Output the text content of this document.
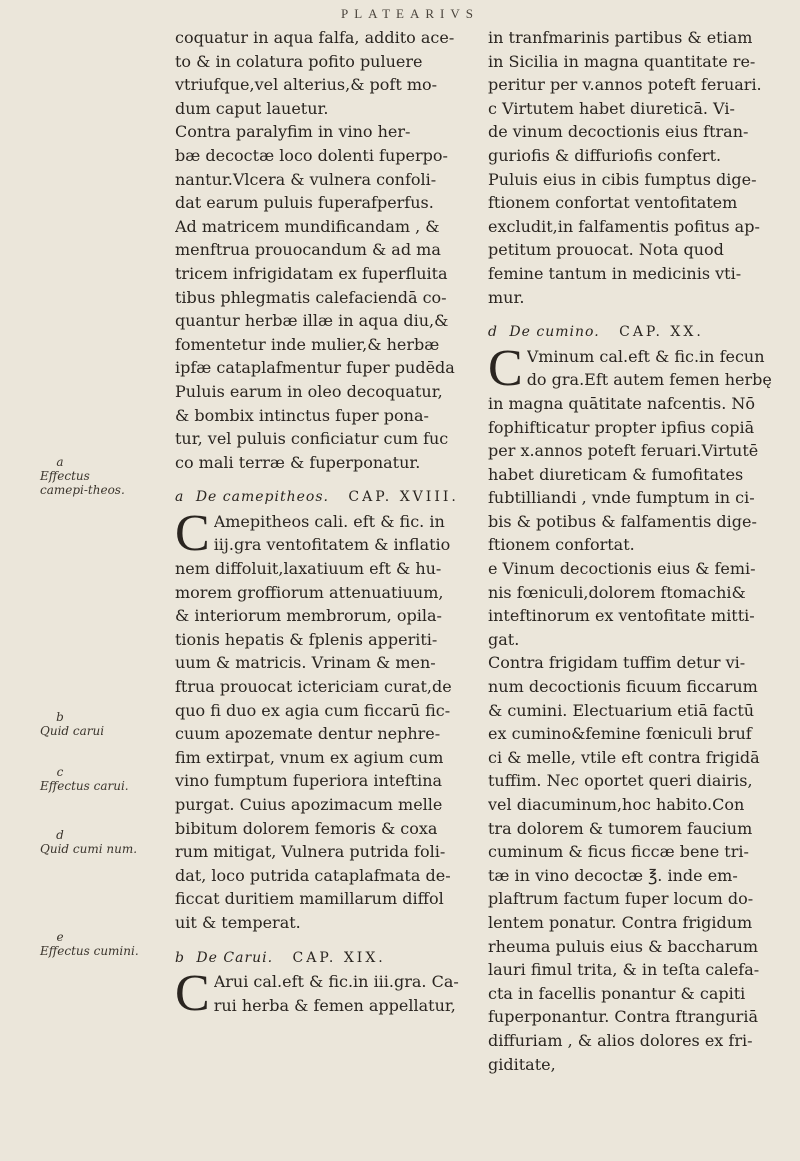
PLATEARIVS
coquatur in aqua falfa, addito ace-
to & in colatura pofito puluere
vtriufque,vel alterius,& poft mo-
dum caput lauetur.
Contra paralyfim in vino her-
bæ decoctæ loco dolenti fuperpo-
nantur.Vlcera & vulnera confoli-
dat earum puluis fuperafperfus.
Ad matricem mundificandam , &
menftrua prouocandum & ad ma
tricem infrigidatam ex fuperfluita
tibus phlegmatis calefaciendā co-
quantur herbæ illæ in aqua diu,&
fomentetur inde mulier,& herbæ
ipfæ cataplafmentur fuper pudēda
Puluis earum in oleo decoquatur,
& bombix intinctus fuper pona-
tur, vel puluis conficiatur cum fuc
co mali terræ & fuperponatur.
a De camepitheos. CAP. XVIII.
C Amepitheos cali. eft & fic. in
iij.gra ventofitatem & inflatio
nem diffoluit,laxatiuum eft & hu-
morem groffiorum attenuatiuum,
& interiorum membrorum, opila-
tionis hepatis & fplenis apperiti-
uum & matricis. Vrinam & men-
ftrua prouocat ictericiam curat,de
quo fi duo ex agia cum ficcarū fic-
cuum apozemate dentur nephre-
fim extirpat, vnum ex agium cum
vino fumptum fuperiora inteftina
purgat. Cuius apozimacum melle
bibitum dolorem femoris & coxa
rum mitigat, Vulnera putrida foli-
dat, loco putrida cataplafmata de-
ficcat duritiem mamillarum diffol
uit & temperat.
b De Carui. CAP. XIX.
C Arui cal.eft & fic.in iii.gra. Ca-
rui herba & femen appellatur,
in tranfmarinis partibus & etiam
in Sicilia in magna quantitate re-
peritur per v.annos poteft feruari.
c Virtutem habet diureticā. Vi-
de vinum decoctionis eius ftran-
guriofis & diffuriofis confert.
Puluis eius in cibis fumptus dige-
ftionem confortat ventofitatem
excludit,in falfamentis pofitus ap-
petitum prouocat. Nota quod
femine tantum in medicinis vti-
mur.
d De cumino. CAP. XX.
C Vminum cal.eft & fic.in fecun
do gra.Eft autem femen herbę
in magna quātitate nafcentis. Nō
fophifticatur propter ipfius copiā
per x.annos poteft feruari.Virtutē
habet diureticam & fumofitates
fubtilliandi , vnde fumptum in ci-
bis & potibus & falfamentis dige-
ftionem confortat.
e Vinum decoctionis eius & femi-
nis fœniculi,dolorem ftomachi&
inteftinorum ex ventofitate mitti-
gat.
Contra frigidam tuffim detur vi-
num decoctionis ficuum ficcarum
& cumini. Electuarium etiā factū
ex cumino&femine fœniculi bruf
ci & melle, vtile eft contra frigidā
tuffim. Nec oportet queri diairis,
vel diacuminum,hoc habito.Con
tra dolorem & tumorem faucium
cuminum & ficus ficcæ bene tri-
tæ in vino decoctæ ℥. inde em-
plaftrum factum fuper locum do-
lentem ponatur. Contra frigidum
rheuma puluis eius & baccharum
lauri fimul trita, & in teſta calefa-
cta in facellis ponantur & capiti
fuperponantur. Contra ftranguriā
diffuriam , & alios dolores ex fri-
giditate,
a
Effectus camepi-theos.
b
Quid carui
c
Effectus carui.
d
Quid cumi num.
e
Effectus cumini.
